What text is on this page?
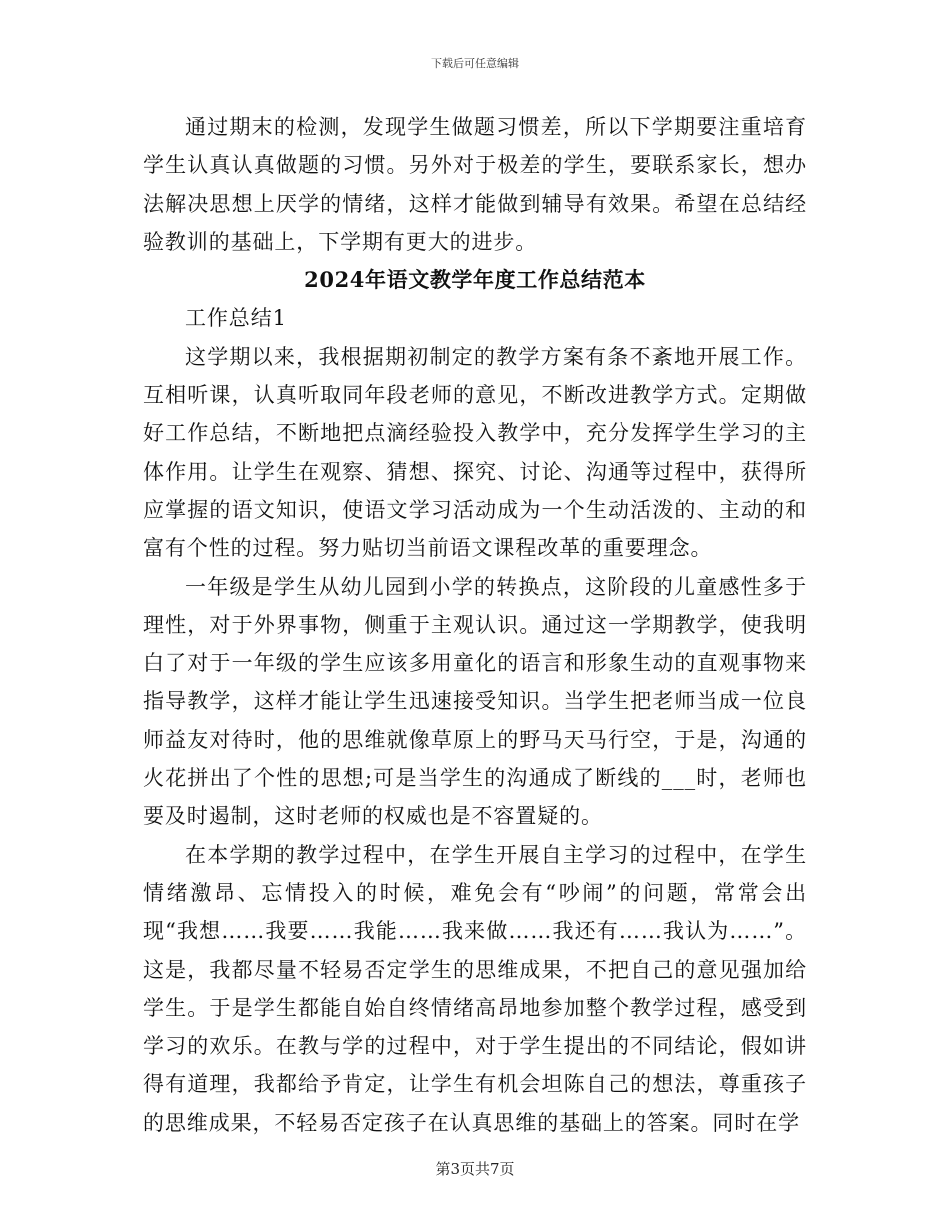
下载后可任意编辑

通过期末的检测，发现学生做题习惯差，所以下学期要注重培育学生认真认真做题的习惯。另外对于极差的学生，要联系家长，想办法解决思想上厌学的情绪，这样才能做到辅导有效果。希望在总结经验教训的基础上，下学期有更大的进步。

2024年语文教学年度工作总结范本

工作总结1

这学期以来，我根据期初制定的教学方案有条不紊地开展工作。互相听课，认真听取同年段老师的意见，不断改进教学方式。定期做好工作总结，不断地把点滴经验投入教学中，充分发挥学生学习的主体作用。让学生在观察、猜想、探究、讨论、沟通等过程中，获得所应掌握的语文知识，使语文学习活动成为一个生动活泼的、主动的和富有个性的过程。努力贴切当前语文课程改革的重要理念。

一年级是学生从幼儿园到小学的转换点，这阶段的儿童感性多于理性，对于外界事物，侧重于主观认识。通过这一学期教学，使我明白了对于一年级的学生应该多用童化的语言和形象生动的直观事物来指导教学，这样才能让学生迅速接受知识。当学生把老师当成一位良师益友对待时，他的思维就像草原上的野马天马行空，于是，沟通的火花拼出了个性的思想;可是当学生的沟通成了断线的___时，老师也要及时遏制，这时老师的权威也是不容置疑的。

在本学期的教学过程中，在学生开展自主学习的过程中，在学生情绪激昂、忘情投入的时候，难免会有“吵闹”的问题，常常会出现“我想……我要……我能……我来做……我还有……我认为……”。这是，我都尽量不轻易否定学生的思维成果，不把自己的意见强加给学生。于是学生都能自始自终情绪高昂地参加整个教学过程，感受到学习的欢乐。在教与学的过程中，对于学生提出的不同结论，假如讲得有道理，我都给予肯定，让学生有机会坦陈自己的想法，尊重孩子的思维成果，不轻易否定孩子在认真思维的基础上的答案。同时在学

第3页共7页
